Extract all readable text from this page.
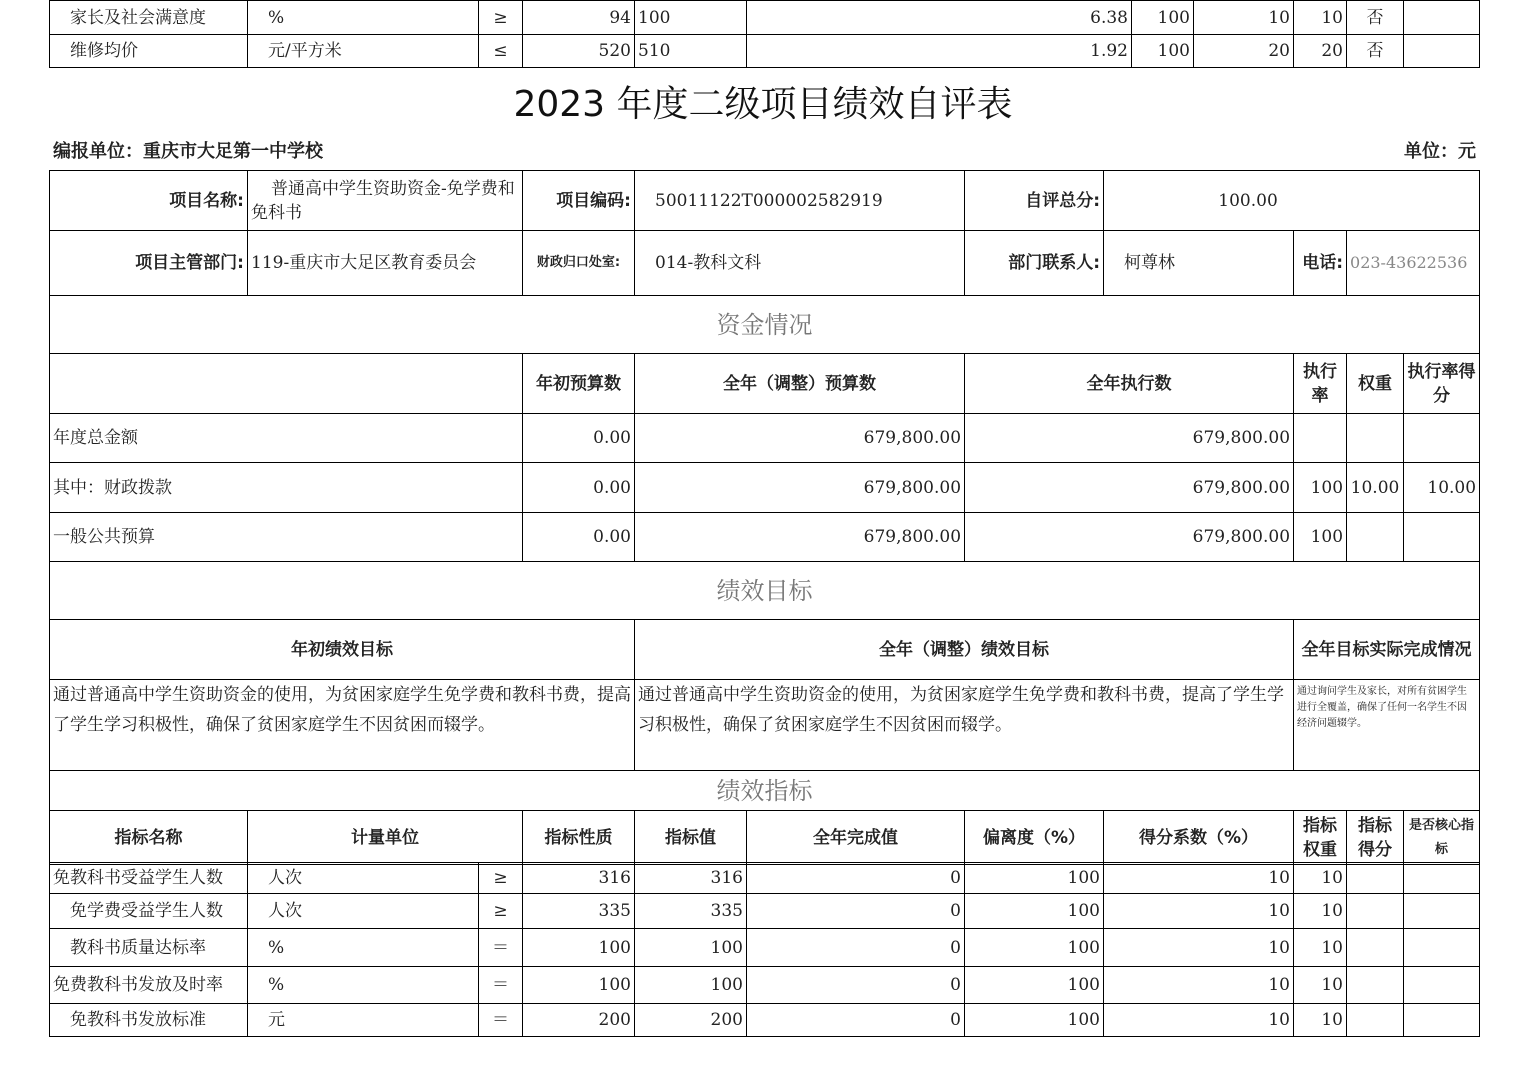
家长及社会满意度	%	≥	94	100	6.38	100	10	10	否	
维修均价	元/平方米	≤	520	510	1.92	100	20	20	否	
2023 年度二级项目绩效自评表
编报单位：重庆市大足第一中学校	单位：元
项目名称:	普通高中学生资助资金-免学费和免科书	项目编码:	50011122T000002582919		自评总分:	100.00				
项目主管部门:	119-重庆市大足区教育委员会	财政归口处室:	014-教科文科		部门联系人:	柯尊林	电话:	023-43622536		
资金情况										
		年初预算数	全年（调整）预算数		全年执行数		执行率	权重	执行率得分	
年度总金额		0.00	679,800.00		679,800.00					
其中：财政拨款		0.00	679,800.00		679,800.00		100	10.00	10.00	
一般公共预算		0.00	679,800.00		679,800.00		100			
绩效目标										
年初绩效目标			全年（调整）绩效目标				全年目标实际完成情况			
通过普通高中学生资助资金的使用，为贫困家庭学生免学费和教科书费，提高了学生学习积极性，确保了贫困家庭学生不因贫困而辍学。			通过普通高中学生资助资金的使用，为贫困家庭学生免学费和教科书费，提高了学生学习积极性，确保了贫困家庭学生不因贫困而辍学。				通过询问学生及家长，对所有贫困学生进行全覆盖，确保了任何一名学生不因经济问题辍学。			
绩效指标										
指标名称	计量单位	指标性质	指标值	全年完成值	偏离度（%）	得分系数（%）	指标权重	指标得分	是否核心指标	
免教科书受益学生人数	人次	≥	316	316	0	100	10	10		
免学费受益学生人数	人次	≥	335	335	0	100	10	10		
教科书质量达标率	%	＝	100	100	0	100	10	10		
免费教科书发放及时率	%	＝	100	100	0	100	10	10		
免教科书发放标准	元	＝	200	200	0	100	10	10		
